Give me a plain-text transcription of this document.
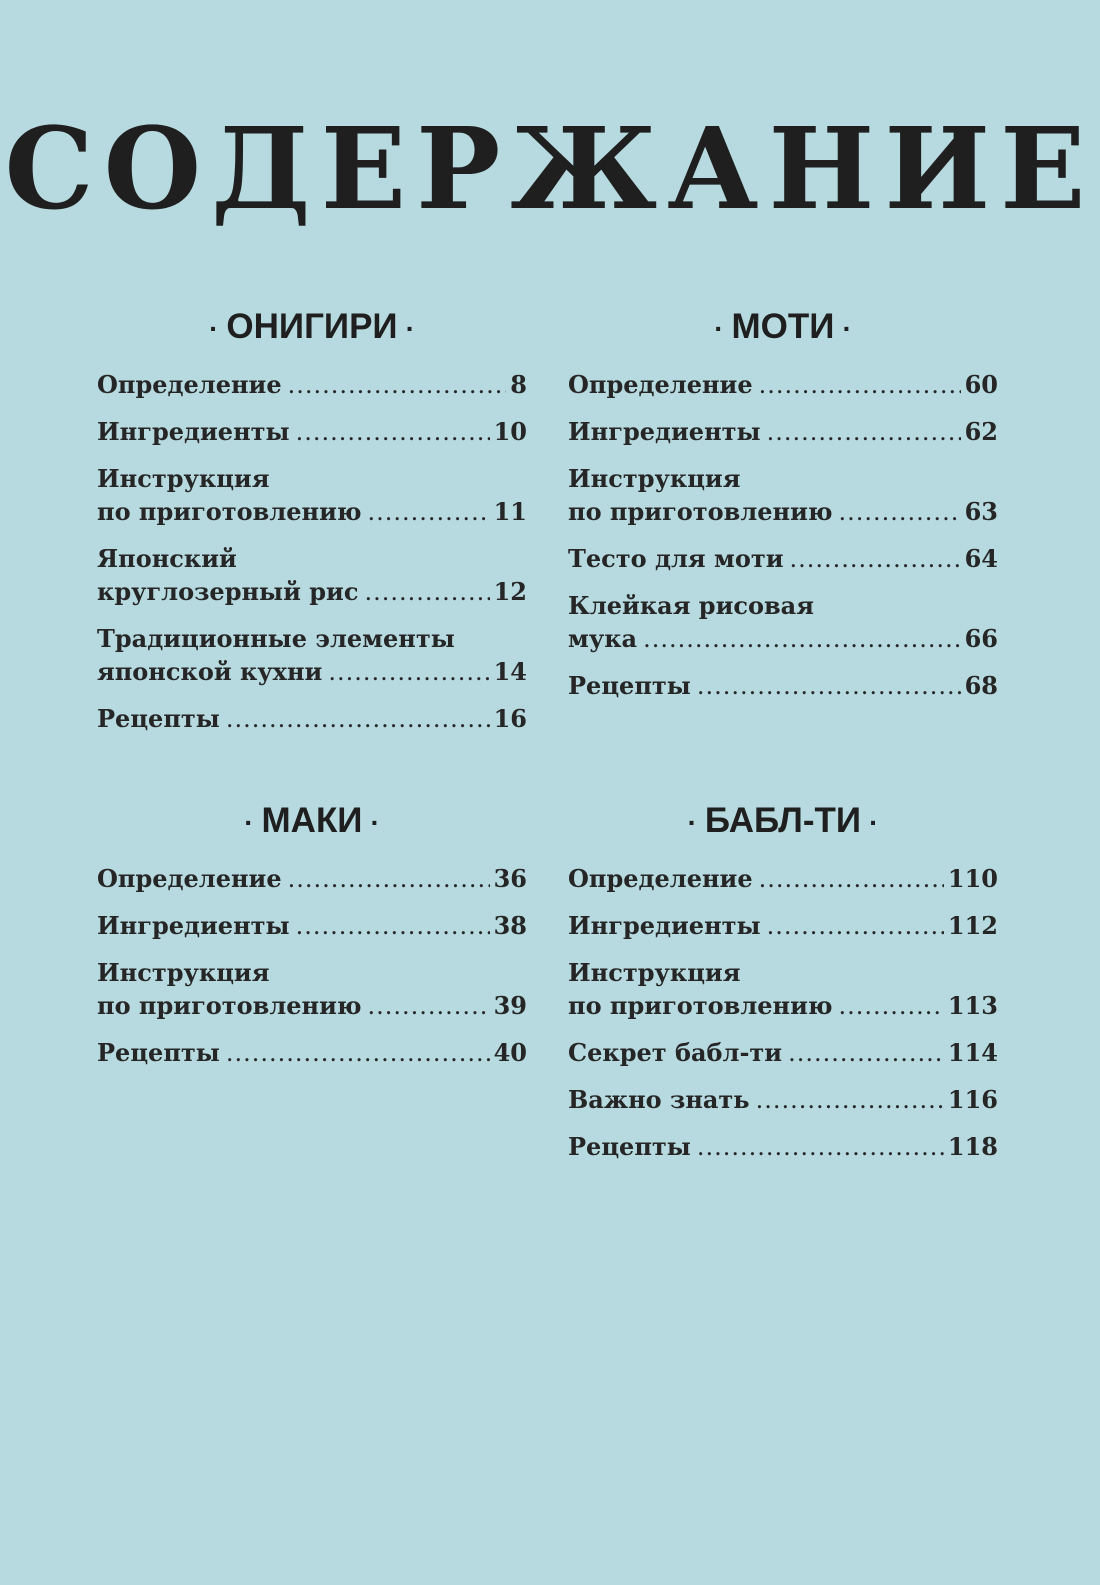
СОДЕРЖАНИЕ
· ОНИГИРИ ·
Определение .....	8
Ингредиенты .....	10
Инструкция
по приготовлению .....	11
Японский
круглозерный рис .....	12
Традиционные элементы
японской кухни .....	14
Рецепты .....	16
· МОТИ ·
Определение .....	60
Ингредиенты .....	62
Инструкция
по приготовлению .....	63
Тесто для моти .....	64
Клейкая рисовая
мука .....	66
Рецепты .....	68
· МАКИ ·
Определение .....	36
Ингредиенты .....	38
Инструкция
по приготовлению .....	39
Рецепты .....	40
· БАБЛ-ТИ ·
Определение .....	110
Ингредиенты .....	112
Инструкция
по приготовлению .....	113
Секрет бабл-ти .....	114
Важно знать .....	116
Рецепты .....	118
